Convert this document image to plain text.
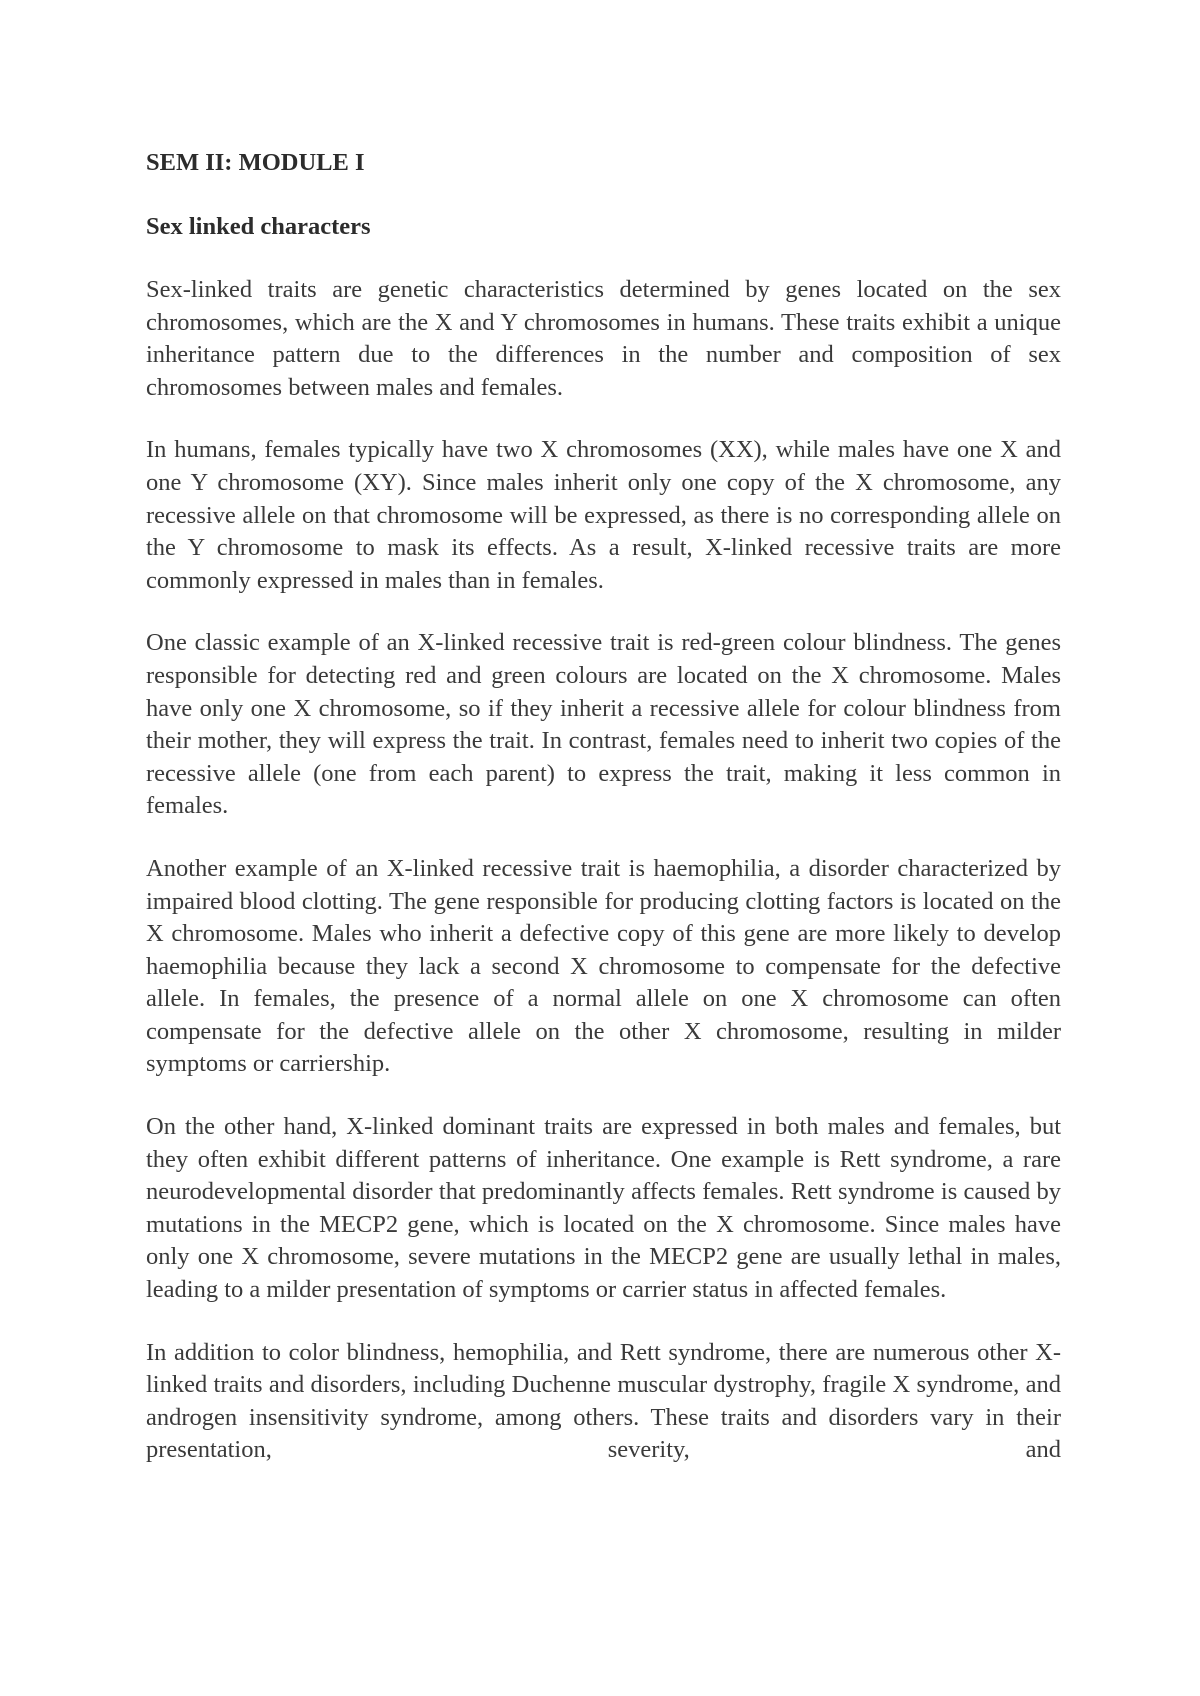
SEM II: MODULE I
Sex linked characters

Sex-linked traits are genetic characteristics determined by genes located on the sex chromosomes, which are the X and Y chromosomes in humans. These traits exhibit a unique inheritance pattern due to the differences in the number and composition of sex chromosomes between males and females.

In humans, females typically have two X chromosomes (XX), while males have one X and one Y chromosome (XY). Since males inherit only one copy of the X chromosome, any recessive allele on that chromosome will be expressed, as there is no corresponding allele on the Y chromosome to mask its effects. As a result, X-linked recessive traits are more commonly expressed in males than in females.

One classic example of an X-linked recessive trait is red-green colour blindness. The genes responsible for detecting red and green colours are located on the X chromosome. Males have only one X chromosome, so if they inherit a recessive allele for colour blindness from their mother, they will express the trait. In contrast, females need to inherit two copies of the recessive allele (one from each parent) to express the trait, making it less common in females.

Another example of an X-linked recessive trait is haemophilia, a disorder characterized by impaired blood clotting. The gene responsible for producing clotting factors is located on the X chromosome. Males who inherit a defective copy of this gene are more likely to develop haemophilia because they lack a second X chromosome to compensate for the defective allele. In females, the presence of a normal allele on one X chromosome can often compensate for the defective allele on the other X chromosome, resulting in milder symptoms or carriership.

On the other hand, X-linked dominant traits are expressed in both males and females, but they often exhibit different patterns of inheritance. One example is Rett syndrome, a rare neurodevelopmental disorder that predominantly affects females. Rett syndrome is caused by mutations in the MECP2 gene, which is located on the X chromosome. Since males have only one X chromosome, severe mutations in the MECP2 gene are usually lethal in males, leading to a milder presentation of symptoms or carrier status in affected females.

In addition to color blindness, hemophilia, and Rett syndrome, there are numerous other X-linked traits and disorders, including Duchenne muscular dystrophy, fragile X syndrome, and androgen insensitivity syndrome, among others. These traits and disorders vary in their presentation, severity, and
